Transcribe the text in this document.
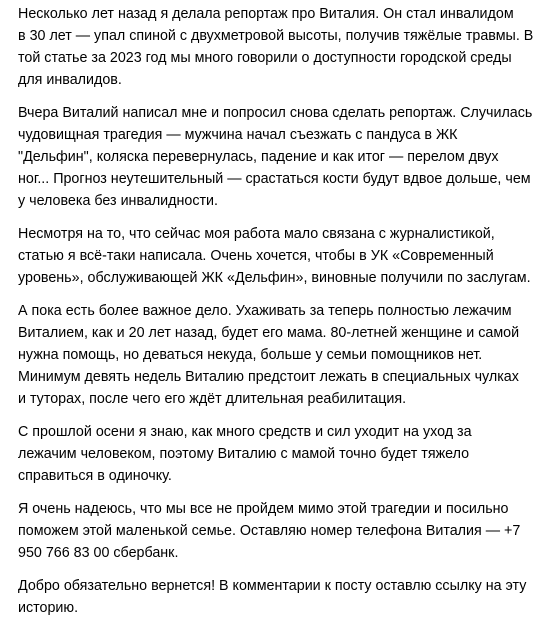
Несколько лет назад я делала репортаж про Виталия. Он стал инвалидом
в 30 лет — упал спиной с двухметровой высоты, получив тяжёлые травмы. В
той статье за 2023 год мы много говорили о доступности городской среды
для инвалидов.

Вчера Виталий написал мне и попросил снова сделать репортаж. Случилась
чудовищная трагедия — мужчина начал съезжать с пандуса в ЖК
"Дельфин", коляска перевернулась, падение и как итог — перелом двух
ног... Прогноз неутешительный — срастаться кости будут вдвое дольше, чем
у человека без инвалидности.

Несмотря на то, что сейчас моя работа мало связана с журналистикой,
статью я всё-таки написала. Очень хочется, чтобы в УК «Современный
уровень», обслуживающей ЖК «Дельфин», виновные получили по заслугам.

А пока есть более важное дело. Ухаживать за теперь полностью лежачим
Виталием, как и 20 лет назад, будет его мама. 80-летней женщине и самой
нужна помощь, но деваться некуда, больше у семьи помощников нет.
Минимум девять недель Виталию предстоит лежать в специальных чулках
и туторах, после чего его ждёт длительная реабилитация.

С прошлой осени я знаю, как много средств и сил уходит на уход за
лежачим человеком, поэтому Виталию с мамой точно будет тяжело
справиться в одиночку.

Я очень надеюсь, что мы все не пройдем мимо этой трагедии и посильно
поможем этой маленькой семье. Оставляю номер телефона Виталия — +7
950 766 83 00 сбербанк.

Добро обязательно вернется! В комментарии к посту оставлю ссылку на эту
историю.
